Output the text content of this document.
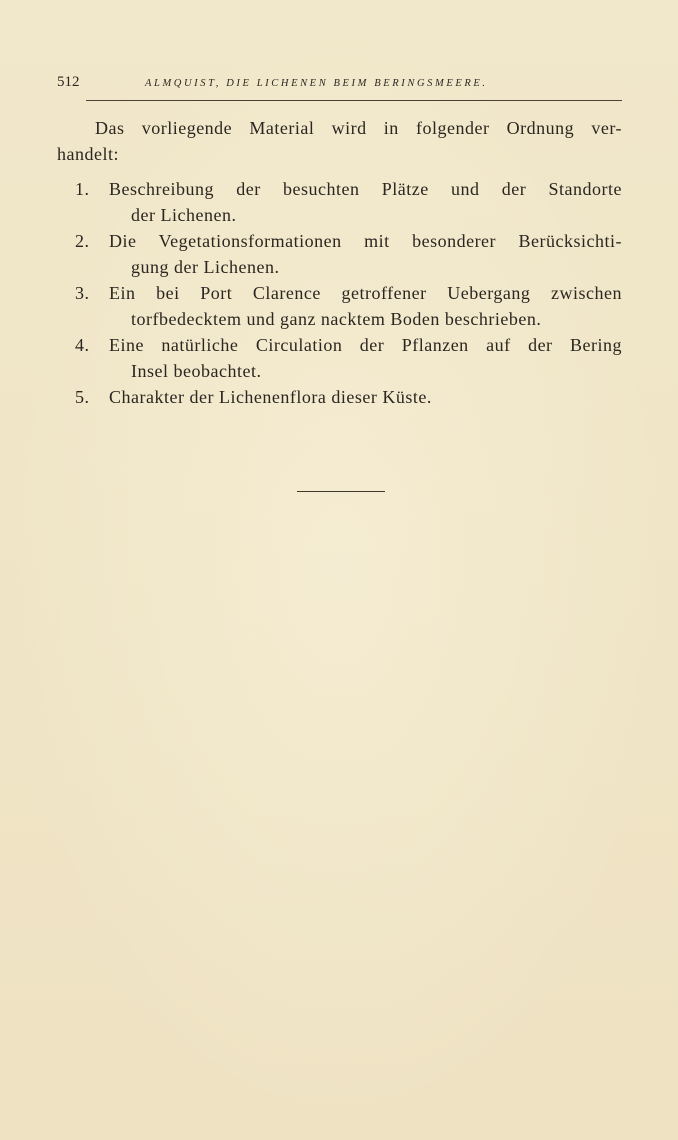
512	ALMQUIST, DIE LICHENEN BEIM BERINGSMEERE.
Das vorliegende Material wird in folgender Ordnung ver-
handelt:
1. Beschreibung der besuchten Plätze und der Standorte
der Lichenen.
2. Die Vegetationsformationen mit besonderer Berücksichti-
gung der Lichenen.
3. Ein bei Port Clarence getroffener Uebergang zwischen
torfbedecktem und ganz nacktem Boden beschrieben.
4. Eine natürliche Circulation der Pflanzen auf der Bering
Insel beobachtet.
5. Charakter der Lichenenflora dieser Küste.
